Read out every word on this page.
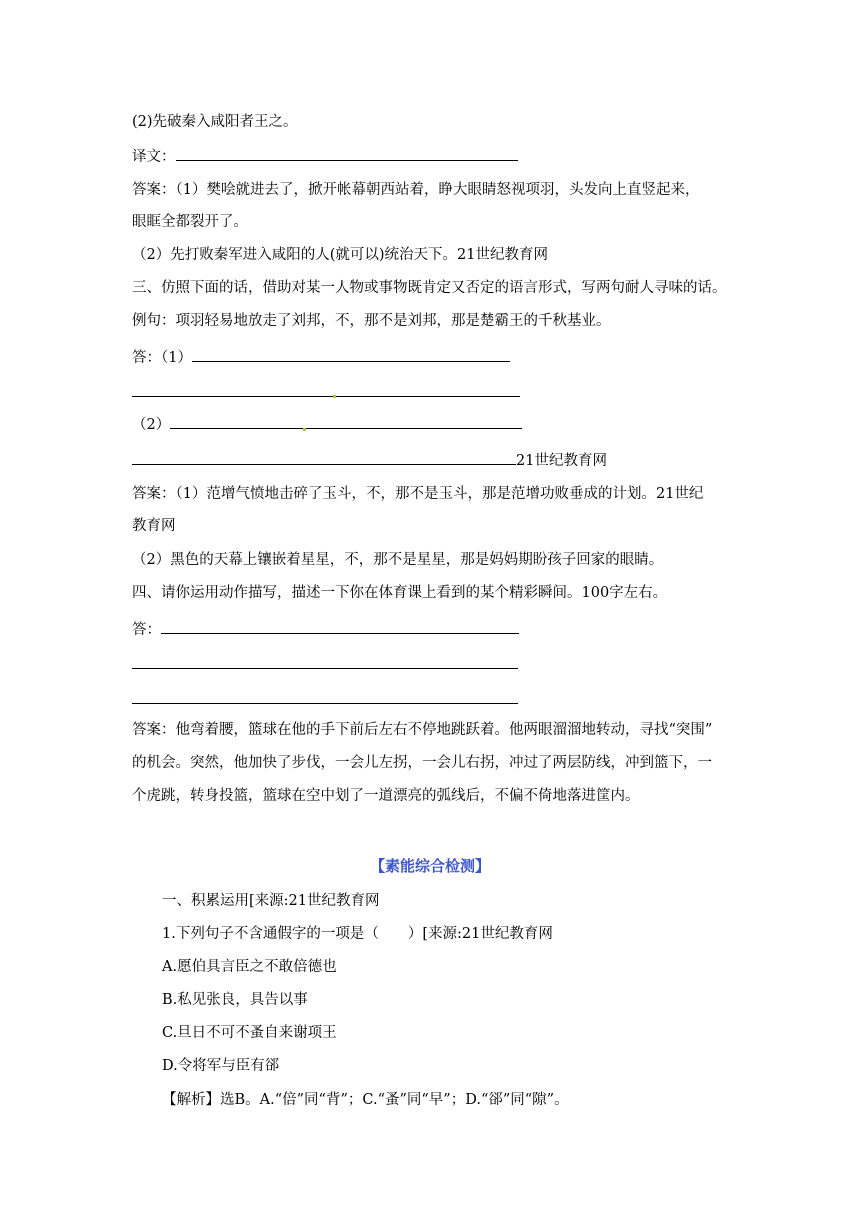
(2)先破秦入咸阳者王之。
译文：
答案：（1）樊哙就进去了，掀开帐幕朝西站着，睁大眼睛怒视项羽，头发向上直竖起来，
眼眶全都裂开了。
（2）先打败秦军进入咸阳的人(就可以)统治天下。21世纪教育网
三、仿照下面的话，借助对某一人物或事物既肯定又否定的语言形式，写两句耐人寻味的话。
例句：项羽轻易地放走了刘邦，不，那不是刘邦，那是楚霸王的千秋基业。
答：（1）
（2）
21世纪教育网
答案：（1）范增气愤地击碎了玉斗，不，那不是玉斗，那是范增功败垂成的计划。21世纪
教育网
（2）黑色的天幕上镶嵌着星星，不，那不是星星，那是妈妈期盼孩子回家的眼睛。
四、请你运用动作描写，描述一下你在体育课上看到的某个精彩瞬间。100字左右。
答：
答案：他弯着腰，篮球在他的手下前后左右不停地跳跃着。他两眼溜溜地转动，寻找“突围”
的机会。突然，他加快了步伐，一会儿左拐，一会儿右拐，冲过了两层防线，冲到篮下，一
个虎跳，转身投篮，篮球在空中划了一道漂亮的弧线后，不偏不倚地落进筐内。
【素能综合检测】
一、积累运用[来源:21世纪教育网
1.下列句子不含通假字的一项是（　　）[来源:21世纪教育网
A.愿伯具言臣之不敢倍德也
B.私见张良，具告以事
C.旦日不可不蚤自来谢项王
D.令将军与臣有郤
【解析】选B。A.“倍”同“背”；C.“蚤”同“早”；D.“郤”同“隙”。
